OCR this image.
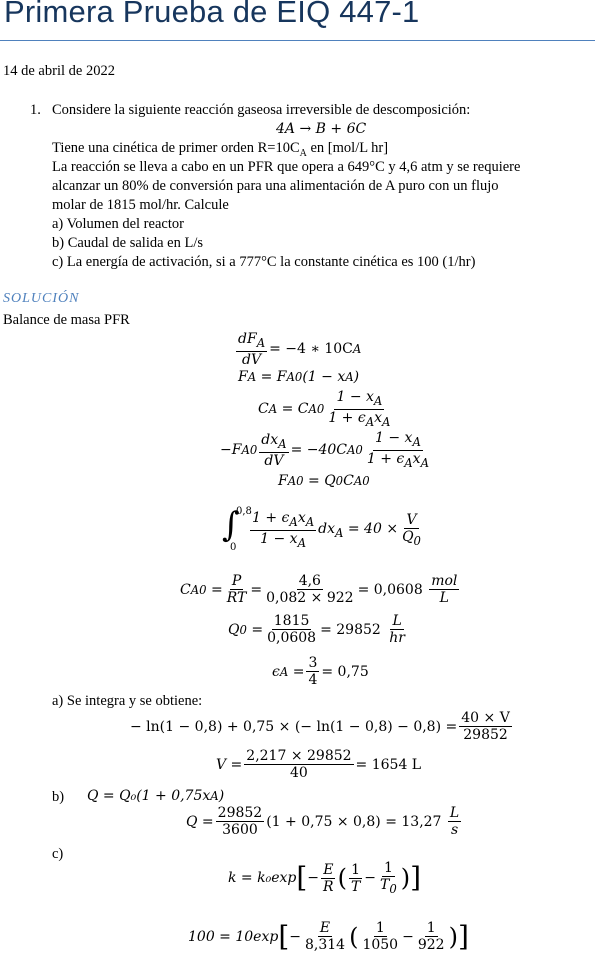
Primera Prueba de EIQ 447-1
14 de abril de 2022
1. Considere la siguiente reacción gaseosa irreversible de descomposición:
4A → B + 6C
Tiene una cinética de primer orden $R=10C_A$ en [mol/L hr]
La reacción se lleva a cabo en un PFR que opera a 649°C y 4,6 atm y se requiere
alcanzar un 80% de conversión para una alimentación de A puro con un flujo
molar de 1815 mol/hr. Calcule
a) Volumen del reactor
b) Caudal de salida en L/s
c) La energía de activación, si a 777°C la constante cinética es 100 (1/hr)
SOLUCIÓN
Balance de masa PFR
$\frac{dF_A}{dV} = -4$ ∗ 10C A
F A = F A0 (1 − x A )
C A = C $A0 \frac{1 - x_A}{1 + \epsilon_Ax_A}$
−F $A0 \frac{dx_A}{dV} = -40C$ $A0 \frac{1 - x_A}{1 + \epsilon_Ax_A}$
F A0 = Q 0 C A0
∫
0,8
$0 \frac{1 + \epsilon_Ax_A}{1 - x_A} dx_A = 40 \times \frac{V}{Q_0}$
C $A0 = \frac{P}{RT} = \frac{4,6}{0,082 \times 922} = 0,0608$
$\frac{\text{mol}}{L}$
Q $0 = \frac{1815}{0,0608} = 29852$
$\frac{L}{hr}$
ϵ $A = \frac{3}{4} = 0,75$
a) Se integra y se obtiene:
− ln(1 − 0,8) + 0,75 × (− $\ln(1 - 0,8) - 0,8) = \frac{40 \times V}{29852}$
$V = \frac{2,217 \times 29852}{40} = 1654$ L
b) Q = Q₀(1 + 0,75x A )
$Q = \frac{29852}{3600} (1 + 0,75 \times 0,8) = 13,27$
$\frac{L}{s}$
c)
k = k₀exp [ − $\frac{E}{R}$ ( $\frac{1}{T} - \frac{1}{T_0}$ ) ]
100 = 10exp [ − $\frac{E}{8,314}$ ( $\frac{1}{1050} - \frac{1}{922}$ ) ]
